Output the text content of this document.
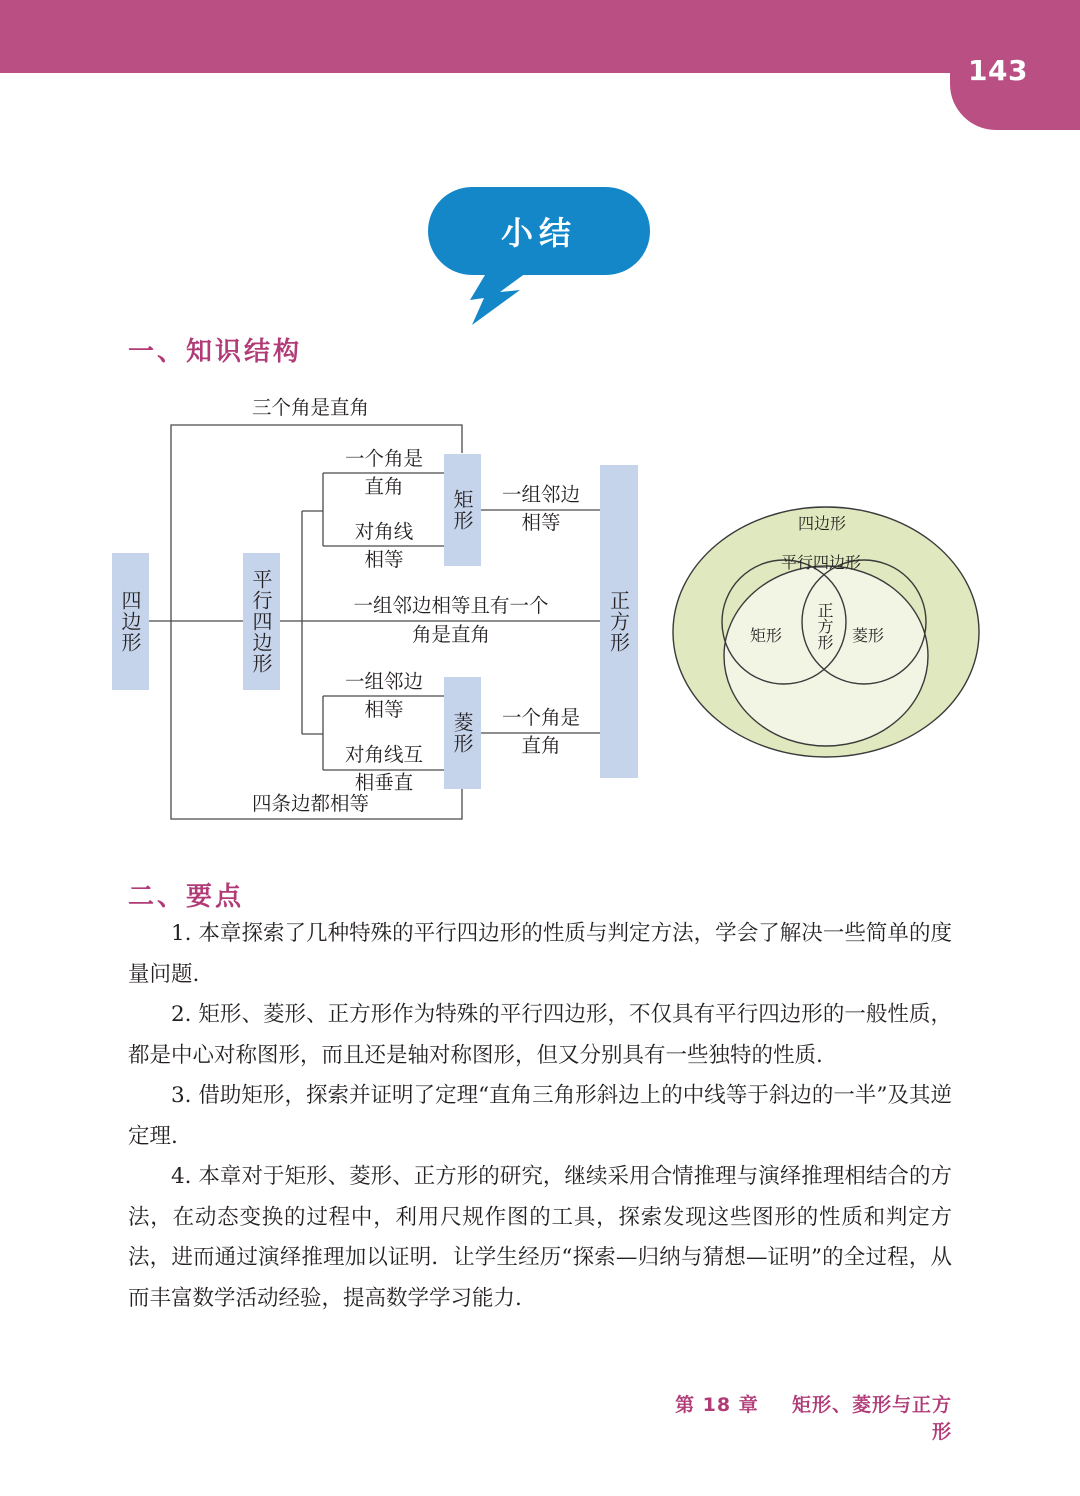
143
小结
一、知识结构
四边形	平行四边形
矩形
菱形
正方形
三个角是直角
一个角是
直角
对角线
相等
一组邻边相等且有一个
角是直角
一组邻边
相等
对角线互
相垂直
四条边都相等
一组邻边
相等
一个角是
直角
四边形
平行四边形
矩形	菱形
正方形
二、要点

1. 本章探索了几种特殊的平行四边形的性质与判定方法，学会了解决一些简单的度量问题.

2. 矩形、菱形、正方形作为特殊的平行四边形，不仅具有平行四边形的一般性质，都是中心对称图形，而且还是轴对称图形，但又分别具有一些独特的性质.

3. 借助矩形，探索并证明了定理“直角三角形斜边上的中线等于斜边的一半”及其逆定理.

4. 本章对于矩形、菱形、正方形的研究，继续采用合情推理与演绎推理相结合的方法，在动态变换的过程中，利用尺规作图的工具，探索发现这些图形的性质和判定方法，进而通过演绎推理加以证明．让学生经历“探索—归纳与猜想—证明”的全过程，从而丰富数学活动经验，提高数学学习能力.

第 18 章 矩形、菱形与正方形
